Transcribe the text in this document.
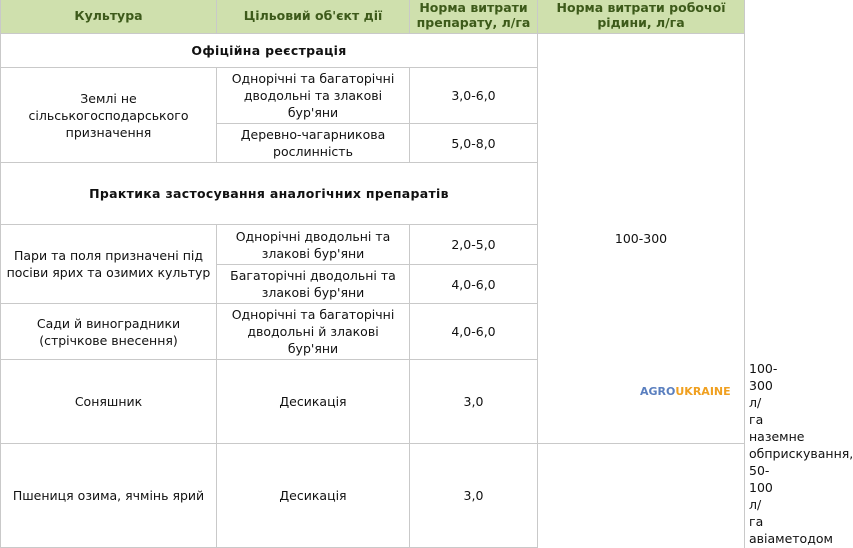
Культура	Цільовий об'єкт дії	Норма витрати препарату, л/га	Норма витрати робочої рідини, л/га	
Офіційна реєстрація			100-300	
Землі не сільськогосподарського призначення	Однорічні та багаторічні дводольні та злакові бур'яни	3,0-6,0		
	Деревно-чагарникова рослинність	5,0-8,0		
Практика застосування аналогічних препаратів				
Пари та поля призначені під посіви ярих та озимих культур	Однорічні дводольні та злакові бур'яни	2,0-5,0		
	Багаторічні дводольні та злакові бур'яни	4,0-6,0		
Сади й виноградники (стрічкове внесення)	Однорічні та багаторічні дводольні й злакові бур'яни	4,0-6,0		
Соняшник	Десикація	3,0		100-300 л/га наземне обприскування, 50-100 л/га авіаметодом
Пшениця озима, ячмінь ярий	Десикація	3,0		
AGRO UKRAINE
